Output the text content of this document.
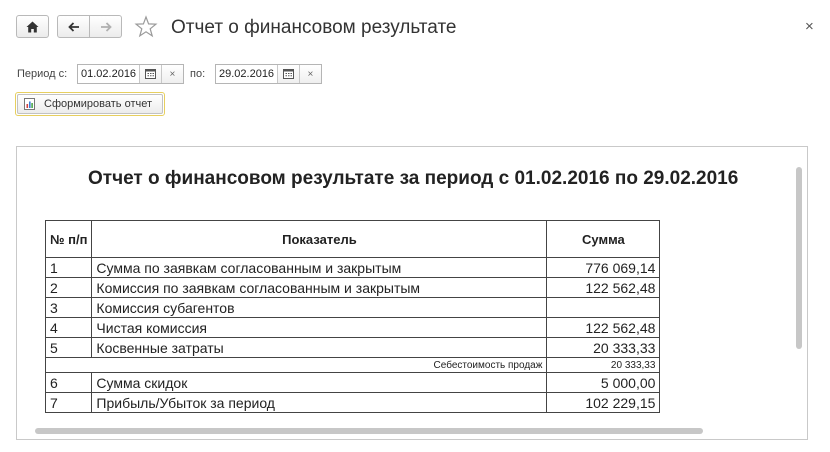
Отчет о финансовом результате	×
Период с: 01.02.2016	×	по: 29.02.2016	×
Сформировать отчет
Отчет о финансовом результате за период с 01.02.2016 по 29.02.2016
№ п/п	Показатель	Сумма
1	Сумма по заявкам согласованным и закрытым	776 069,14
2	Комиссия по заявкам согласованным и закрытым	122 562,48
3	Комиссия субагентов	
4	Чистая комиссия	122 562,48
5	Косвенные затраты	20 333,33
	Себестоимость продаж	20 333,33
6	Сумма скидок	5 000,00
7	Прибыль/Убыток за период	102 229,15
